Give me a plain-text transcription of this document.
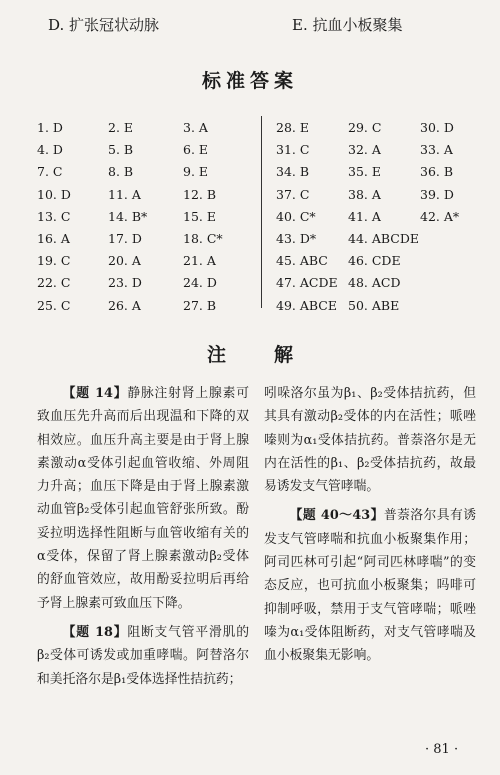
D. 扩张冠状动脉	E. 抗血小板聚集
标准答案
1. D	2. E	3. A
4. D	5. B	6. E
7. C	8. B	9. E
10. D	11. A	12. B
13. C	14. B*	15. E
16. A	17. D	18. C*
19. C	20. A	21. A
22. C	23. D	24. D
25. C	26. A	27. B
28. E	29. C	30. D
31. C	32. A	33. A
34. B	35. E	36. B
37. C	38. A	39. D
40. C*	41. A	42. A*
43. D*	44. ABCDE
45. ABC 46. CDE
47. ACDE 48. ACD
49. ABCE 50. ABE
注解

【题 14】静脉注射肾上腺素可致血压先升高而后出现温和下降的双相效应。血压升高主要是由于肾上腺素激动α受体引起血管收缩、外周阻力升高；血压下降是由于肾上腺素激动血管β₂受体引起血管舒张所致。酚妥拉明选择性阻断与血管收缩有关的α受体，保留了肾上腺素激动β₂受体的舒血管效应，故用酚妥拉明后再给予肾上腺素可致血压下降。

【题 18】阻断支气管平滑肌的β₂受体可诱发或加重哮喘。阿替洛尔和美托洛尔是β₁受体选择性拮抗药；

吲哚洛尔虽为β₁、β₂受体拮抗药，但其具有激动β₂受体的内在活性；哌唑嗪则为α₁受体拮抗药。普萘洛尔是无内在活性的β₁、β₂受体拮抗药，故最易诱发支气管哮喘。

【题 40～43】普萘洛尔具有诱发支气管哮喘和抗血小板聚集作用；阿司匹林可引起“阿司匹林哮喘”的变态反应，也可抗血小板聚集；吗啡可抑制呼吸，禁用于支气管哮喘；哌唑嗪为α₁受体阻断药，对支气管哮喘及血小板聚集无影响。

· 81 ·
